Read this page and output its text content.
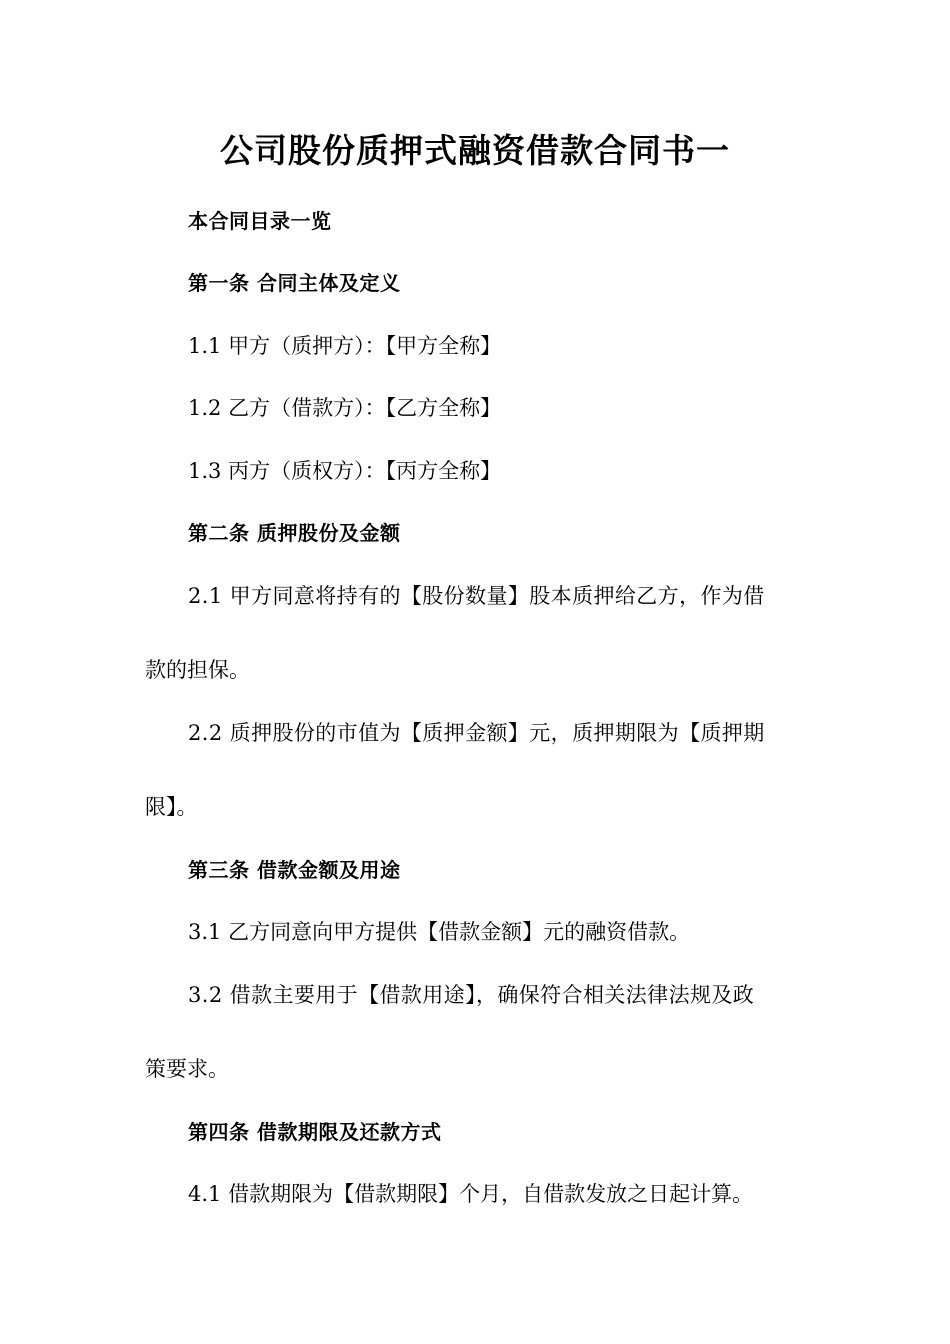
公司股份质押式融资借款合同书一
本合同目录一览
第一条 合同主体及定义
1.1 甲方（质押方）：【甲方全称】
1.2 乙方（借款方）：【乙方全称】
1.3 丙方（质权方）：【丙方全称】
第二条 质押股份及金额
2.1 甲方同意将持有的【股份数量】股本质押给乙方，作为借
款的担保。
2.2 质押股份的市值为【质押金额】元，质押期限为【质押期
限】。
第三条 借款金额及用途
3.1 乙方同意向甲方提供【借款金额】元的融资借款。
3.2 借款主要用于【借款用途】，确保符合相关法律法规及政
策要求。
第四条 借款期限及还款方式
4.1 借款期限为【借款期限】个月，自借款发放之日起计算。
